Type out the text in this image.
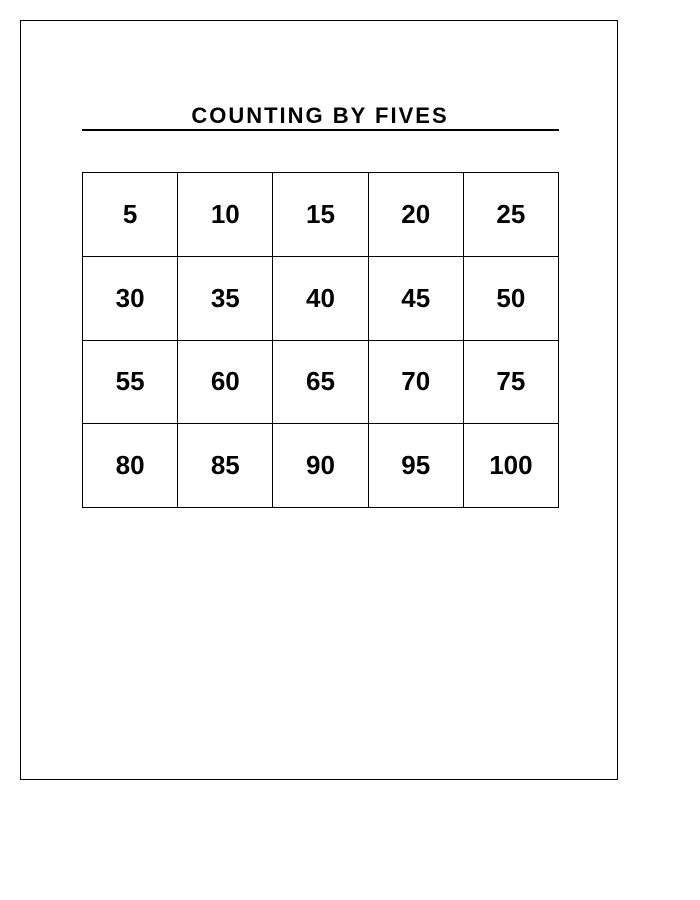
COUNTING BY FIVES
5	10	15	20	25
30	35	40	45	50
55	60	65	70	75
80	85	90	95	100
